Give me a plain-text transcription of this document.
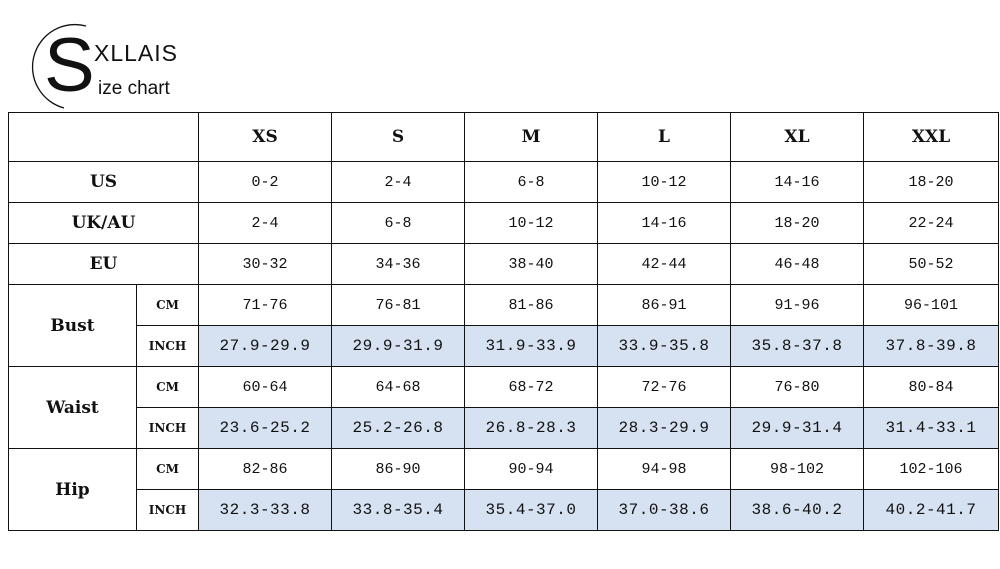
S XLLAIS
ize chart
		XS	S	M	L	XL	XXL
US		0-2	2-4	6-8	10-12	14-16	18-20
UK/AU		2-4	6-8	10-12	14-16	18-20	22-24
EU		30-32	34-36	38-40	42-44	46-48	50-52
Bust	CM	71-76	76-81	81-86	86-91	91-96	96-101
	INCH	27.9-29.9	29.9-31.9	31.9-33.9	33.9-35.8	35.8-37.8	37.8-39.8
Waist	CM	60-64	64-68	68-72	72-76	76-80	80-84
	INCH	23.6-25.2	25.2-26.8	26.8-28.3	28.3-29.9	29.9-31.4	31.4-33.1
Hip	CM	82-86	86-90	90-94	94-98	98-102	102-106
	INCH	32.3-33.8	33.8-35.4	35.4-37.0	37.0-38.6	38.6-40.2	40.2-41.7
